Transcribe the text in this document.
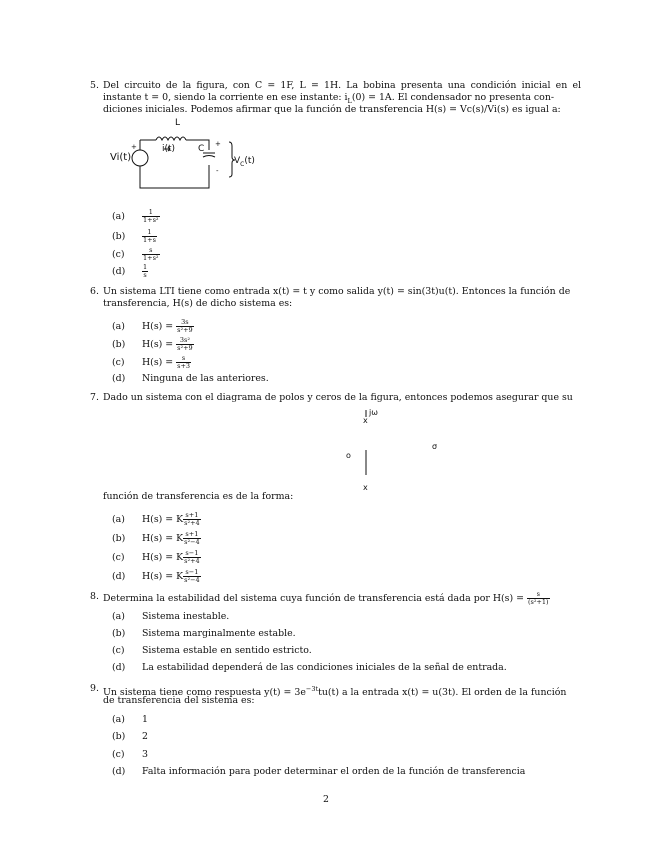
5. Del circuito de la figura, con C = 1F, L = 1H. La bobina presenta una condición inicial en el
instante t = 0, siendo la corriente en ese instante: $i_L(0) = 1A$. El condensador no presenta con-
diciones iniciales. Podemos afirmar que la función de transferencia H(s) = Vc(s)/Vi(s) es igual a:
L
i(t)	C
Vi(t)
+	+
-
$V_C(t)$
(a)	$\frac{1}{\text{1+s²}}$
(b)	$\frac{1}{1+s}$
(c)	$\frac{s}{\text{1+s²}}$
(d)	$\frac{1}{s}$
6. Un sistema LTI tiene como entrada x(t) = t y como salida y(t) = sin(3t)u(t). Entonces la función de
transferencia, H(s) de dicho sistema es:
(a) $H(s) = \frac{3s}{\text{s²+9}}$
(b) $H(s) = \frac{\text{3s²}}{\text{s²+9}}$
(c) $H(s) = \frac{s}{s+3}$
(d) Ninguna de las anteriores.
7. Dado un sistema con el diagrama de polos y ceros de la figura, entonces podemos asegurar que su
jω
x
σ
o
x
función de transferencia es de la forma:
(a) H(s) = K $\frac{s+1}{\text{s²+4}}$
(b) H(s) = K $\frac{s+1}{\text{s²−4}}$
(c) H(s) = K $\frac{s-1}{\text{s²+4}}$
(d) H(s) = K $\frac{s-1}{\text{s²−4}}$
8. Determina la estabilidad del sistema cuya función de transferencia está dada por $H(s) = \frac{s}{\text{(s²+1)}}$
(a) Sistema inestable.
(b) Sistema marginalmente estable.
(c) Sistema estable en sentido estricto.
(d) La estabilidad dependerá de las condiciones iniciales de la señal de entrada.
9. Un sistema tiene como respuesta $y(t) = 3e^{-3t}tu(t)$ a la entrada x(t) = u(3t). El orden de la función
de transferencia del sistema es:
(a) 1
(b) 2
(c) 3
(d) Falta información para poder determinar el orden de la función de transferencia
2
